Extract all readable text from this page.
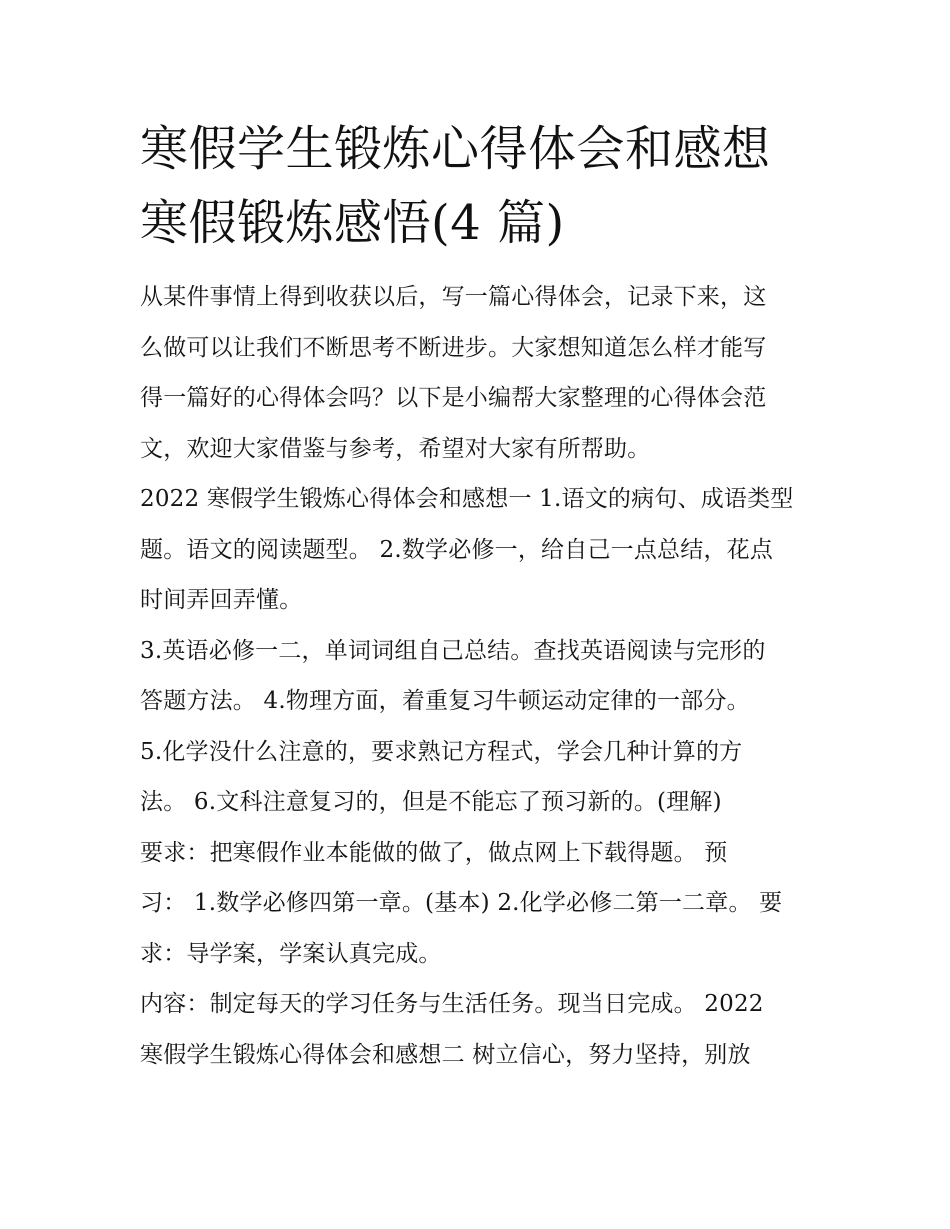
寒假学生锻炼心得体会和感想
寒假锻炼感悟(4 篇)

从某件事情上得到收获以后，写一篇心得体会，记录下来，这
么做可以让我们不断思考不断进步。大家想知道怎么样才能写
得一篇好的心得体会吗？以下是小编帮大家整理的心得体会范
文，欢迎大家借鉴与参考，希望对大家有所帮助。

2022 寒假学生锻炼心得体会和感想一 1.语文的病句、成语类型
题。语文的阅读题型。 2.数学必修一，给自己一点总结，花点
时间弄回弄懂。

3.英语必修一二，单词词组自己总结。查找英语阅读与完形的
答题方法。 4.物理方面，着重复习牛顿运动定律的一部分。

5.化学没什么注意的，要求熟记方程式，学会几种计算的方
法。 6.文科注意复习的，但是不能忘了预习新的。(理解)

要求：把寒假作业本能做的做了，做点网上下载得题。 预
习： 1.数学必修四第一章。(基本) 2.化学必修二第一二章。 要
求：导学案，学案认真完成。

内容：制定每天的学习任务与生活任务。现当日完成。 2022
寒假学生锻炼心得体会和感想二 树立信心，努力坚持，别放
